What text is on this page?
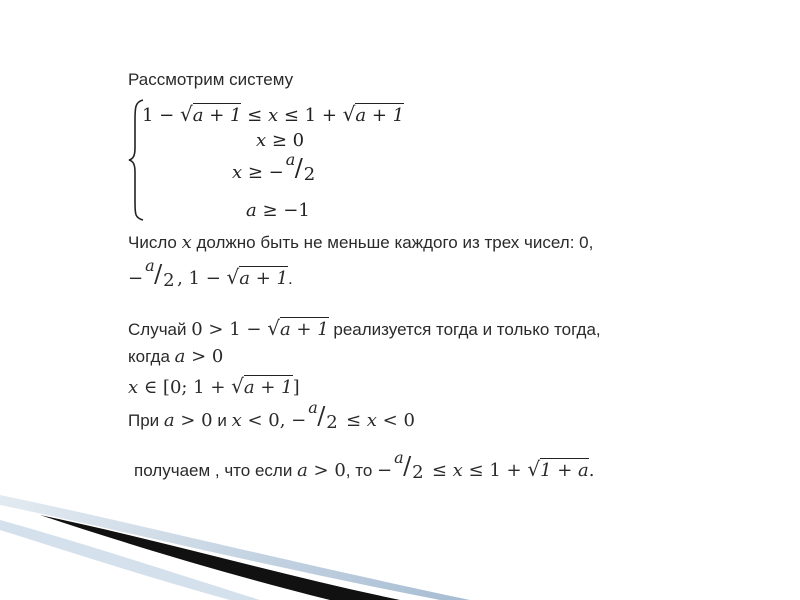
Рассмотрим систему
1 − √a + 1 ≤ x ≤ 1 + √a + 1
x ≥ 0
x ≥ −
a / 2
a ≥ −1
Число x должно быть не меньше каждого из трех чисел: 0,
−
a / 2 , 1 − √a + 1.
Случай 0 > 1 − √a + 1 реализуется тогда и только тогда,
когда a > 0
x ∈ [0; 1 + √a + 1]
При a > 0 и x < 0, −
a / 2 ≤ x < 0
получаем , что если a > 0, то −
a / 2 ≤ x ≤ 1 + √1 + a.
